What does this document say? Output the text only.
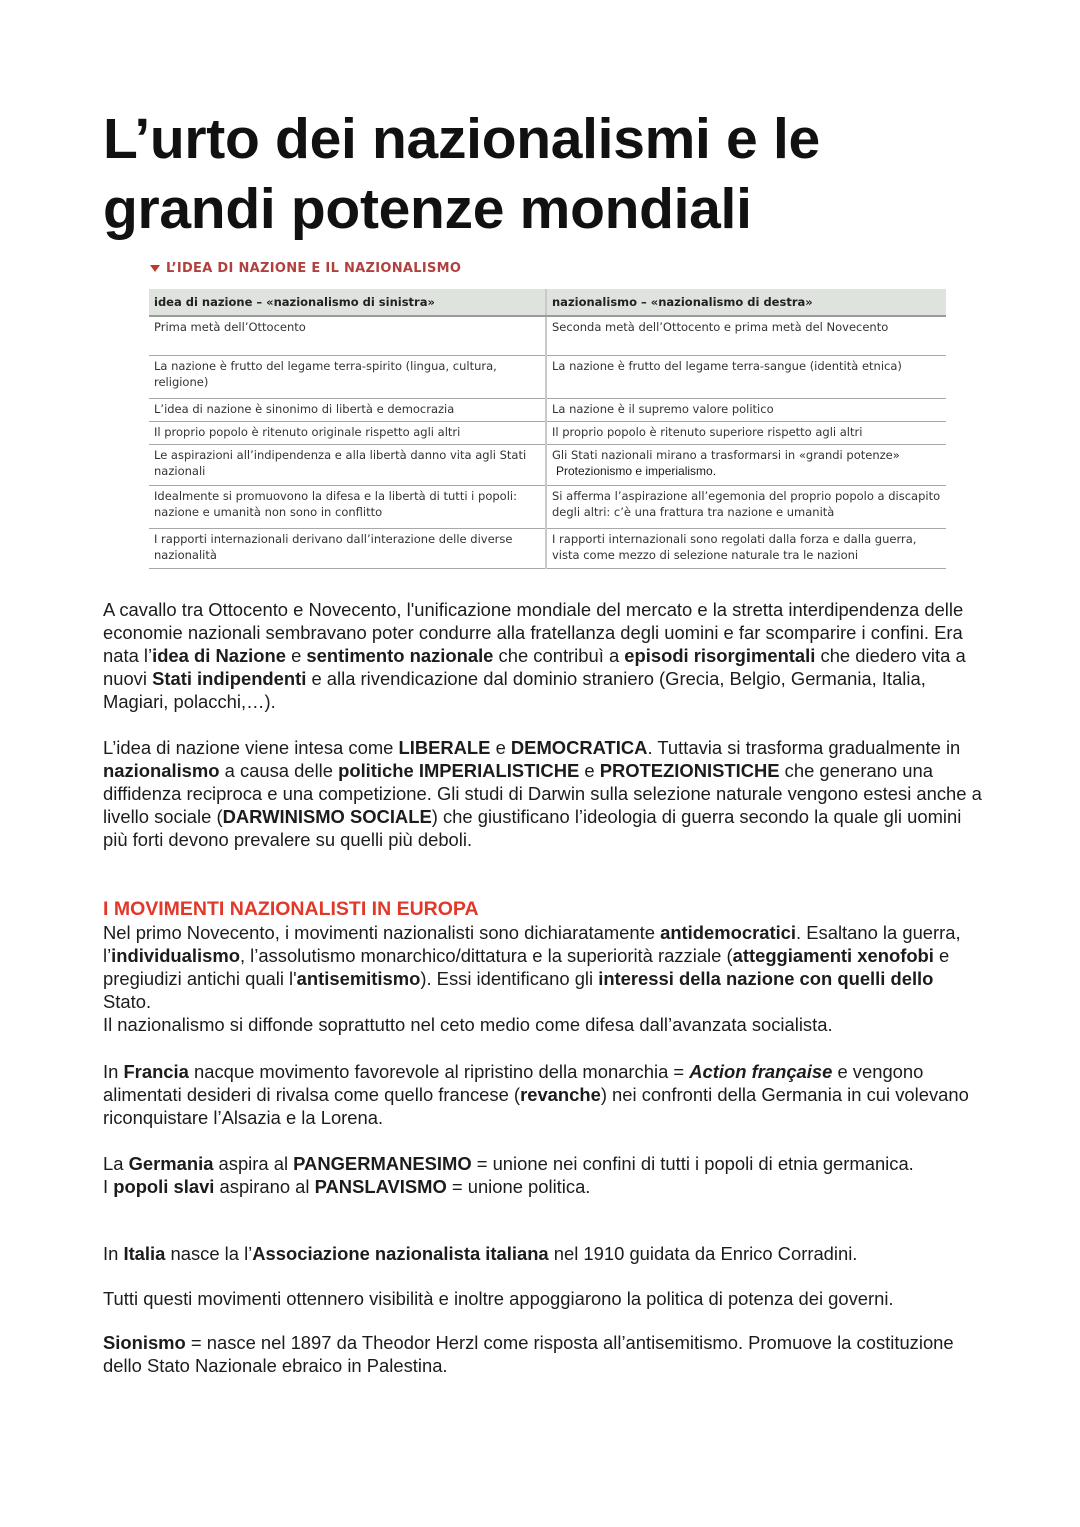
L’urto dei nazionalismi e le grandi potenze mondiali
L’IDEA DI NAZIONE E IL NAZIONALISMO
idea di nazione – «nazionalismo di sinistra»	nazionalismo – «nazionalismo di destra»
Prima metà dell’Ottocento	Seconda metà dell’Ottocento e prima metà del Novecento
La nazione è frutto del legame terra-spirito (lingua, cultura, religione)	La nazione è frutto del legame terra-sangue (identità etnica)
L’idea di nazione è sinonimo di libertà e democrazia	La nazione è il supremo valore politico
Il proprio popolo è ritenuto originale rispetto agli altri	Il proprio popolo è ritenuto superiore rispetto agli altri
Le aspirazioni all’indipendenza e alla libertà danno vita agli Stati nazionali	Gli Stati nazionali mirano a trasformarsi in «grandi potenze»
Protezionismo e imperialismo.

Idealmente si promuovono la difesa e la libertà di tutti i popoli: nazione e umanità non sono in conflitto	Si afferma l’aspirazione all’egemonia del proprio popolo a discapito degli altri: c’è una frattura tra nazione e umanità
I rapporti internazionali derivano dall’interazione delle diverse nazionalità	I rapporti internazionali sono regolati dalla forza e dalla guerra, vista come mezzo di selezione naturale tra le nazioni

A cavallo tra Ottocento e Novecento, l'unificazione mondiale del mercato e la stretta interdipendenza delle economie nazionali sembravano poter condurre alla fratellanza degli uomini e far scomparire i confini. Era nata l’idea di Nazione e sentimento nazionale che contribuì a episodi risorgimentali che diedero vita a nuovi Stati indipendenti e alla rivendicazione dal dominio straniero (Grecia, Belgio, Germania, Italia, Magiari, polacchi,…).

L’idea di nazione viene intesa come LIBERALE e DEMOCRATICA. Tuttavia si trasforma gradualmente in nazionalismo a causa delle politiche IMPERIALISTICHE e PROTEZIONISTICHE che generano una diffidenza reciproca e una competizione. Gli studi di Darwin sulla selezione naturale vengono estesi anche a livello sociale (DARWINISMO SOCIALE) che giustificano l’ideologia di guerra secondo la quale gli uomini più forti devono prevalere su quelli più deboli.

I MOVIMENTI NAZIONALISTI IN EUROPA

Nel primo Novecento, i movimenti nazionalisti sono dichiaratamente antidemocratici. Esaltano la guerra, l’individualismo, l’assolutismo monarchico/dittatura e la superiorità razziale (atteggiamenti xenofobi e pregiudizi antichi quali l'antisemitismo). Essi identificano gli interessi della nazione con quelli dello Stato.

Il nazionalismo si diffonde soprattutto nel ceto medio come difesa dall’avanzata socialista.

In Francia nacque movimento favorevole al ripristino della monarchia = Action française e vengono alimentati desideri di rivalsa come quello francese (revanche) nei confronti della Germania in cui volevano riconquistare l’Alsazia e la Lorena.

La Germania aspira al PANGERMANESIMO = unione nei confini di tutti i popoli di etnia germanica.

I popoli slavi aspirano al PANSLAVISMO = unione politica.

In Italia nasce la l’Associazione nazionalista italiana nel 1910 guidata da Enrico Corradini.

Tutti questi movimenti ottennero visibilità e inoltre appoggiarono la politica di potenza dei governi.

Sionismo = nasce nel 1897 da Theodor Herzl come risposta all’antisemitismo. Promuove la costituzione dello Stato Nazionale ebraico in Palestina.
